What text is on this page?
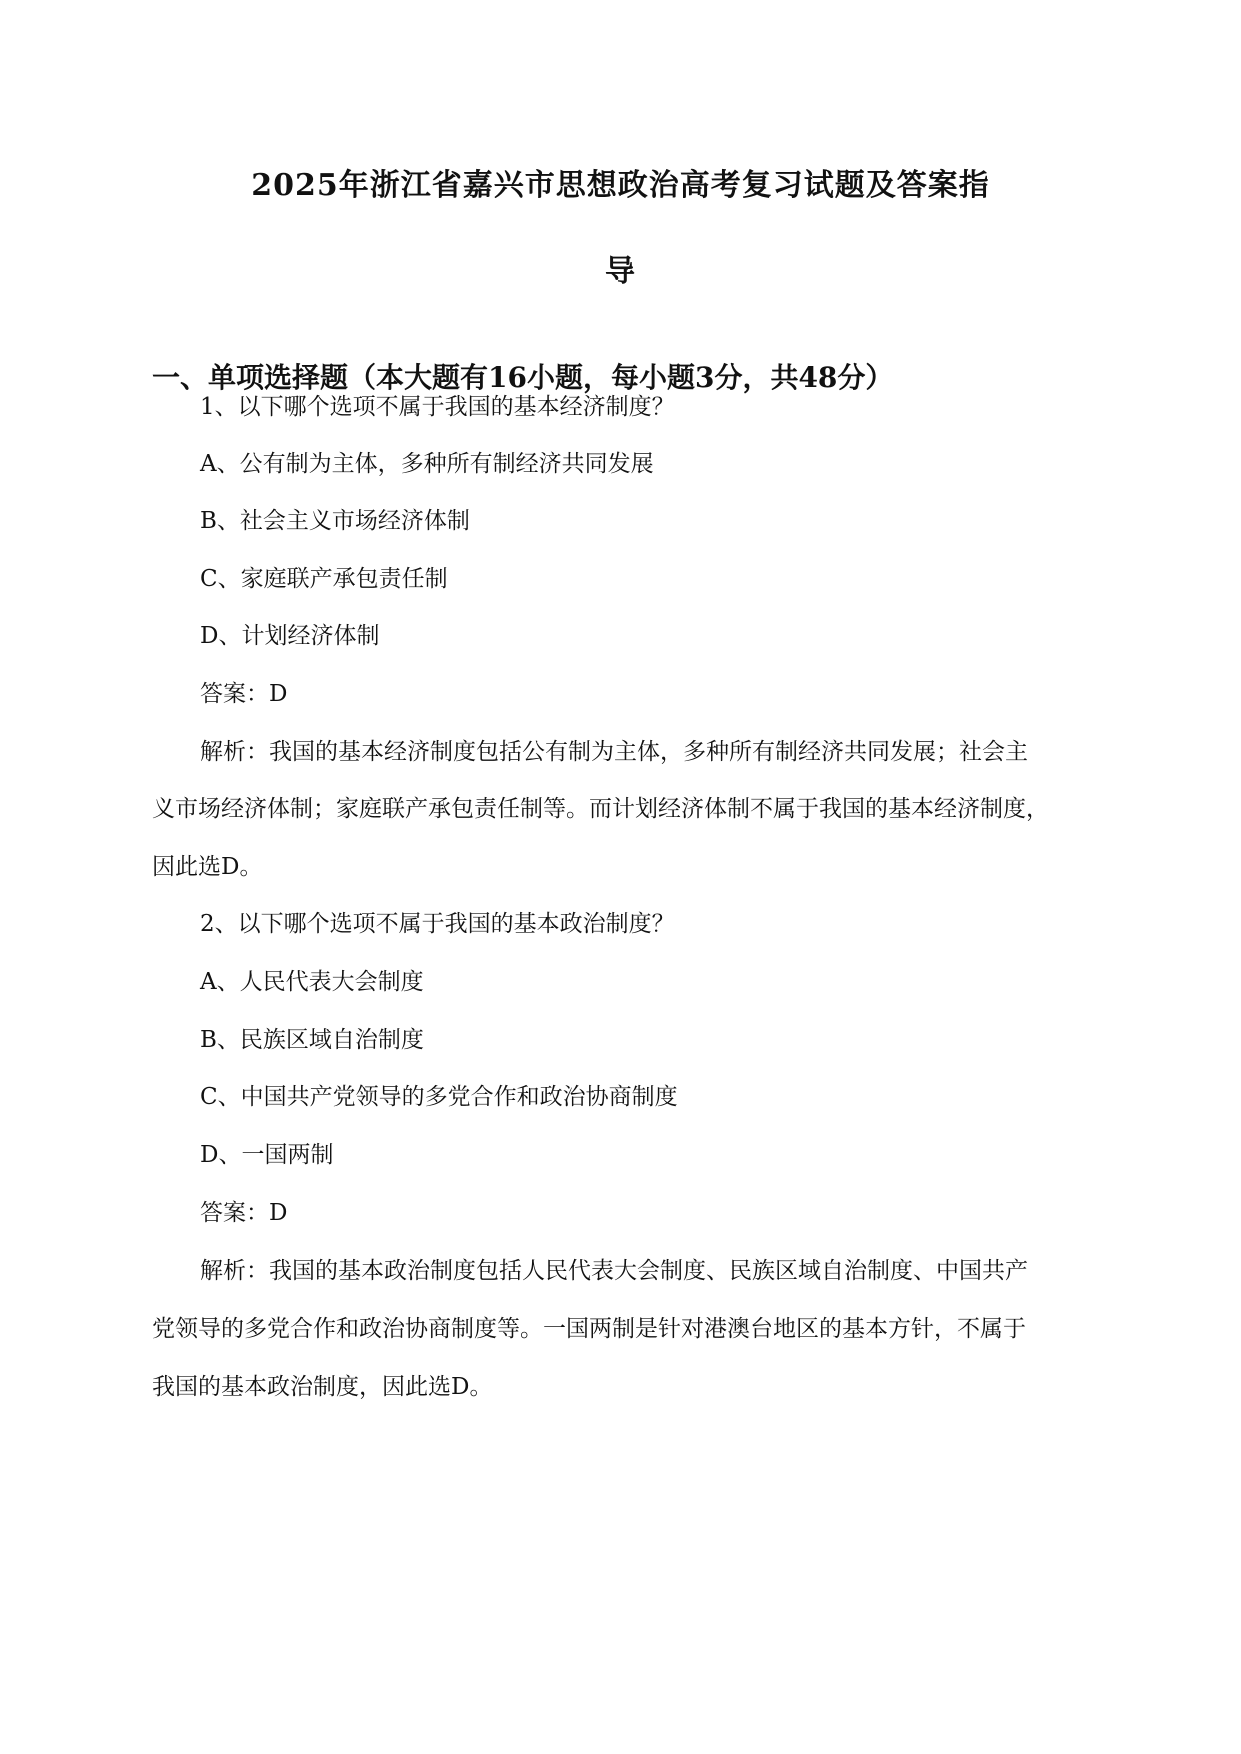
2025年浙江省嘉兴市思想政治高考复习试题及答案指
导
一、单项选择题（本大题有16小题，每小题3分，共48分）
1、以下哪个选项不属于我国的基本经济制度？
A、公有制为主体，多种所有制经济共同发展
B、社会主义市场经济体制
C、家庭联产承包责任制
D、计划经济体制
答案：D
解析：我国的基本经济制度包括公有制为主体，多种所有制经济共同发展；社会主
义市场经济体制；家庭联产承包责任制等。而计划经济体制不属于我国的基本经济制度，
因此选D。
2、以下哪个选项不属于我国的基本政治制度？
A、人民代表大会制度
B、民族区域自治制度
C、中国共产党领导的多党合作和政治协商制度
D、一国两制
答案：D
解析：我国的基本政治制度包括人民代表大会制度、民族区域自治制度、中国共产
党领导的多党合作和政治协商制度等。一国两制是针对港澳台地区的基本方针，不属于
我国的基本政治制度，因此选D。
